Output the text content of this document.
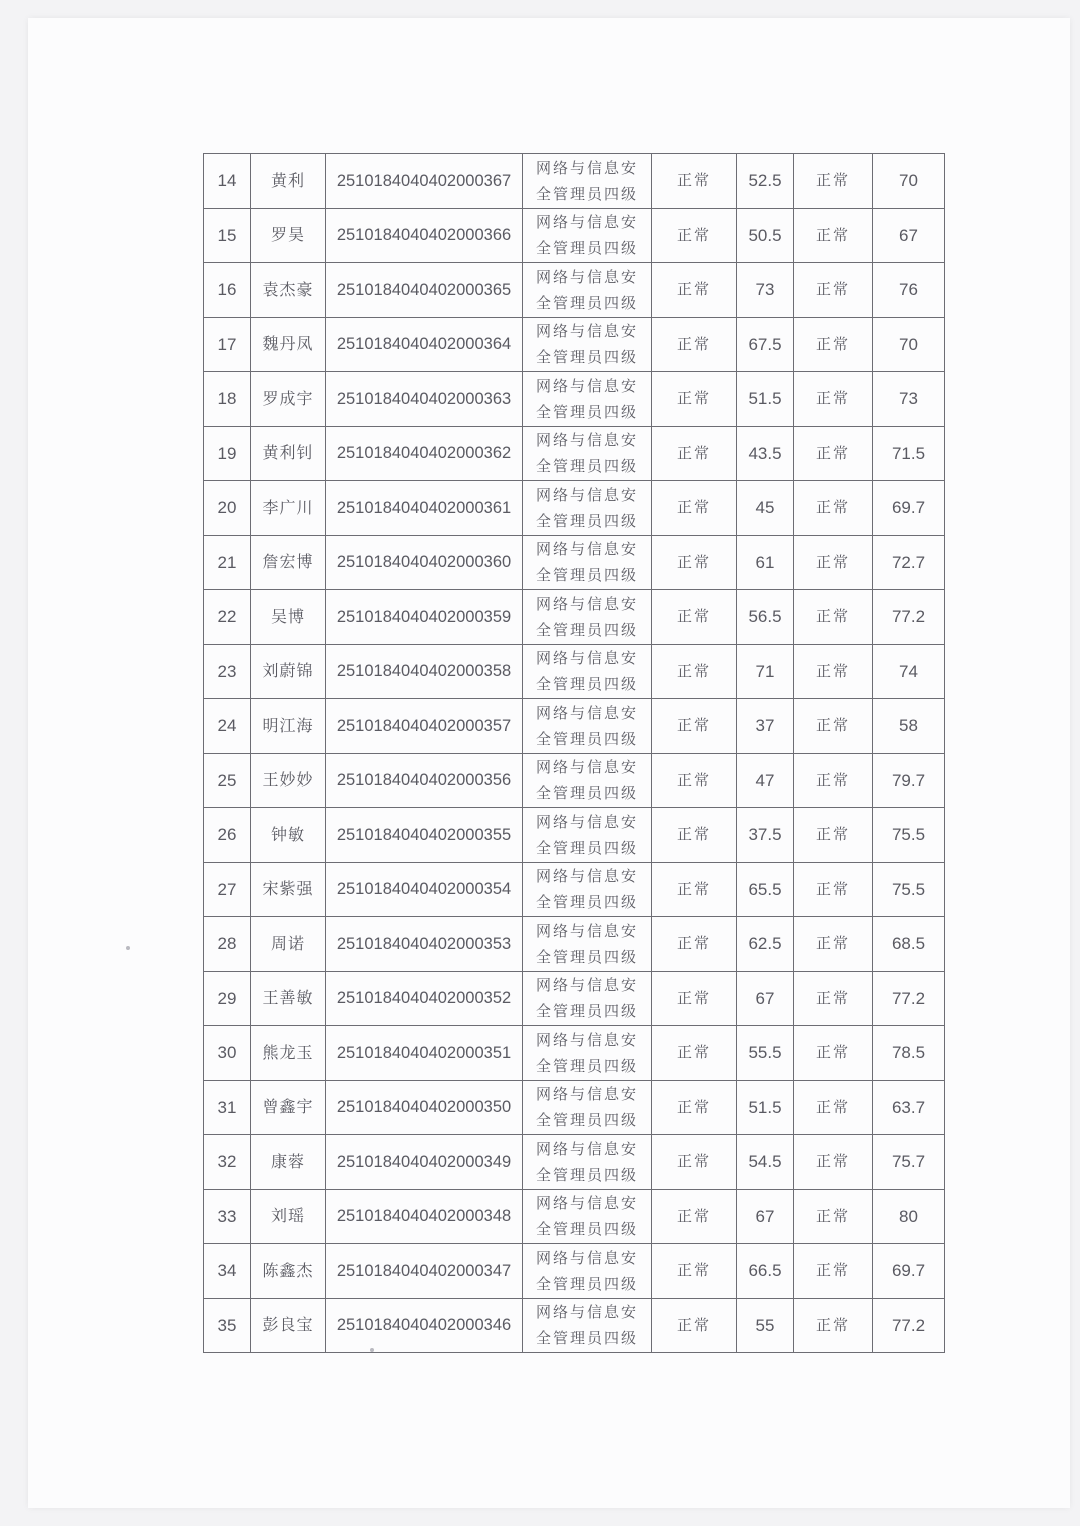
14	黄利	2510184040402000367	网络与信息安
全管理员四级	正常	52.5	正常	70
15	罗昊	2510184040402000366	网络与信息安
全管理员四级	正常	50.5	正常	67
16	袁杰豪	2510184040402000365	网络与信息安
全管理员四级	正常	73	正常	76
17	魏丹凤	2510184040402000364	网络与信息安
全管理员四级	正常	67.5	正常	70
18	罗成宇	2510184040402000363	网络与信息安
全管理员四级	正常	51.5	正常	73
19	黄利钊	2510184040402000362	网络与信息安
全管理员四级	正常	43.5	正常	71.5
20	李广川	2510184040402000361	网络与信息安
全管理员四级	正常	45	正常	69.7
21	詹宏博	2510184040402000360	网络与信息安
全管理员四级	正常	61	正常	72.7
22	吴博	2510184040402000359	网络与信息安
全管理员四级	正常	56.5	正常	77.2
23	刘蔚锦	2510184040402000358	网络与信息安
全管理员四级	正常	71	正常	74
24	明江海	2510184040402000357	网络与信息安
全管理员四级	正常	37	正常	58
25	王妙妙	2510184040402000356	网络与信息安
全管理员四级	正常	47	正常	79.7
26	钟敏	2510184040402000355	网络与信息安
全管理员四级	正常	37.5	正常	75.5
27	宋紫强	2510184040402000354	网络与信息安
全管理员四级	正常	65.5	正常	75.5
28	周诺	2510184040402000353	网络与信息安
全管理员四级	正常	62.5	正常	68.5
29	王善敏	2510184040402000352	网络与信息安
全管理员四级	正常	67	正常	77.2
30	熊龙玉	2510184040402000351	网络与信息安
全管理员四级	正常	55.5	正常	78.5
31	曾鑫宇	2510184040402000350	网络与信息安
全管理员四级	正常	51.5	正常	63.7
32	康蓉	2510184040402000349	网络与信息安
全管理员四级	正常	54.5	正常	75.7
33	刘瑶	2510184040402000348	网络与信息安
全管理员四级	正常	67	正常	80
34	陈鑫杰	2510184040402000347	网络与信息安
全管理员四级	正常	66.5	正常	69.7
35	彭良宝	2510184040402000346	网络与信息安
全管理员四级	正常	55	正常	77.2
